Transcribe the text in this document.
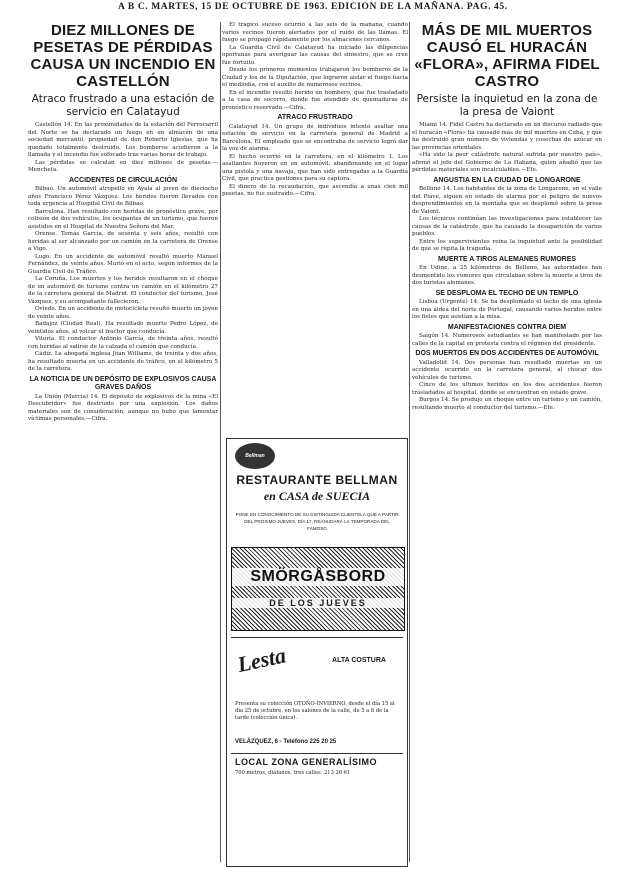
A B C. MARTES, 15 DE OCTUBRE DE 1963. EDICION DE LA MAÑANA. PAG. 45.
DIEZ MILLONES DE PESETAS DE PÉRDIDAS CAUSA UN INCENDIO EN CASTELLÓN
Atraco frustrado a una estación de servicio en Calatayud

Castellón 14. En las proximidades de la estación del Ferrocarril del Norte se ha declarado un fuego en un almacén de una sociedad mercantil, propiedad de don Roberto Iglesias, que ha quedado totalmente destruido. Los bomberos acudieron a la llamada y el incendio fue sofocado tras varias horas de trabajo.

Las pérdidas se calculan en diez millones de pesetas.—Mencheta.

ACCIDENTES DE CIRCULACIÓN

Bilbao. Un automóvil atropelló en Ayala al joven de dieciocho años Francisco Pérez Vázquez. Los heridos fueron llevados con toda urgencia al Hospital Civil de Bilbao.

Barcelona. Han resultado con heridas de pronóstico grave, por colisión de dos vehículos, los ocupantes de un turismo, que fueron asistidos en el Hospital de Nuestra Señora del Mar.

Orense. Tomás García, de sesenta y seis años, resultó con heridas al ser alcanzado por un camión en la carretera de Orense a Vigo.

Lugo. En un accidente de automóvil resultó muerto Manuel Fernández, de veinte años. Murió en el acto, según informes de la Guardia Civil de Tráfico.

La Coruña. Los muertos y los heridos resultaron en el choque de un automóvil de turismo contra un camión en el kilómetro 27 de la carretera general de Madrid. El conductor del turismo, José Vázquez, y su acompañante fallecieron.

Oviedo. En un accidente de motocicleta resultó muerto un joven de veinte años.

Badajoz (Ciudad Real). Ha resultado muerto Pedro López, de veintidós años, al volcar el tractor que conducía.

Vitoria. El conductor Antonio García, de treinta años, resultó con heridas al salirse de la calzada el camión que conducía.

Cádiz. La abogada inglesa Joan Williams, de treinta y dos años, ha resultado muerta en un accidente de tráfico, en el kilómetro 5 de la carretera.

LA NOTICIA DE UN DEPÓSITO DE EXPLOSIVOS CAUSA GRAVES DAÑOS

La Unión (Murcia) 14. El depósito de explosivos de la mina «El Descubridor» fue destruido por una explosión. Los daños materiales son de consideración, aunque no hubo que lamentar víctimas personales.—Cifra.

El trágico suceso ocurrió a las seis de la mañana, cuando varios vecinos fueron alertados por el ruido de las llamas. El fuego se propagó rápidamente por los almacenes cercanos.

La Guardia Civil de Calatayud ha iniciado las diligencias oportunas para averiguar las causas del siniestro, que se cree fue fortuito.

Desde los primeros momentos trabajaron los bomberos de la Ciudad y los de la Diputación, que lograron aislar el fuego hacia el mediodía, con el auxilio de numerosos vecinos.

En el incendio resultó herido un bombero, que fue trasladado a la casa de socorro, donde fue atendido de quemaduras de pronóstico reservado.—Cifra.

ATRACO FRUSTRADO

Calatayud 14. Un grupo de individuos intentó asaltar una estación de servicio en la carretera general de Madrid a Barcelona. El empleado que se encontraba de servicio logró dar la voz de alarma.

El hecho ocurrió en la carretera, en el kilómetro 1. Los asaltantes huyeron en un automóvil, abandonando en el lugar una pistola y una navaja, que han sido entregadas a la Guardia Civil, que practica gestiones para su captura.

El dinero de la recaudación, que ascendía a unas cien mil pesetas, no fue sustraído.—Cifra.

Bellman
RESTAURANTE BELLMAN
en CASA de SUECIA
PONE EN CONOCIMIENTO DE SU DISTINGUIDA CLIENTELA QUE A PARTIR DEL PRÓXIMO JUEVES, DÍA 17, REANUDARÁ LA TEMPORADA DEL FAMOSO
SMÖRGÅSBORD
DE LOS JUEVES
Lesta	ALTA COSTURA
Presenta su colección OTOÑO-INVIERNO, desde el día 15 al día 25 de octubre, en los salones de la calle, de 5 a 8 de la tarde (colección única).
VELÁZQUEZ, 6 - Teléfono 225 20 25
LOCAL ZONA GENERALÍSIMO
700 metros, diáfanos, tres calles. 213 26 61
MÁS DE MIL MUERTOS CAUSÓ EL HURACÁN «FLORA», AFIRMA FIDEL CASTRO
Persiste la inquietud en la zona de la presa de Vaiont

Miami 14. Fidel Castro ha declarado en un discurso radiado que el huracán «Flora» ha causado más de mil muertos en Cuba, y que ha destruido gran número de viviendas y cosechas de azúcar en las provincias orientales.

«Ha sido la peor catástrofe natural sufrida por nuestro país», afirmó el jefe del Gobierno de La Habana, quien añadió que las pérdidas materiales son incalculables.—Efe.

ANGUSTIA EN LA CIUDAD DE LONGARONE

Belluno 14. Los habitantes de la zona de Longarone, en el valle del Piave, siguen en estado de alarma por el peligro de nuevos desprendimientos en la montaña que se desplomó sobre la presa de Vaiont.

Los técnicos continúan las investigaciones para establecer las causas de la catástrofe, que ha causado la desaparición de varios pueblos.

Entre los supervivientes reina la inquietud ante la posibilidad de que se repita la tragedia.

MUERTE A TIROS ALEMANES RUMORES

En Udine, a 25 kilómetros de Belluno, las autoridades han desmentido los rumores que circulaban sobre la muerte a tiros de dos turistas alemanes.

SE DESPLOMA EL TECHO DE UN TEMPLO

Lisboa (Urgente) 14. Se ha desplomado el techo de una iglesia en una aldea del norte de Portugal, causando varios heridos entre los fieles que asistían a la misa.

MANIFESTACIONES CONTRA DIEM

Saigón 14. Numerosos estudiantes se han manifestado por las calles de la capital en protesta contra el régimen del presidente.

DOS MUERTOS EN DOS ACCIDENTES DE AUTOMÓVIL

Valladolid 14. Dos personas han resultado muertas en un accidente ocurrido en la carretera general, al chocar dos vehículos de turismo.

Cinco de los últimos heridos en los dos accidentes fueron trasladados al hospital, donde se encuentran en estado grave.

Burgos 14. Se produjo un choque entre un turismo y un camión, resultando muerto el conductor del turismo.—Efe.
